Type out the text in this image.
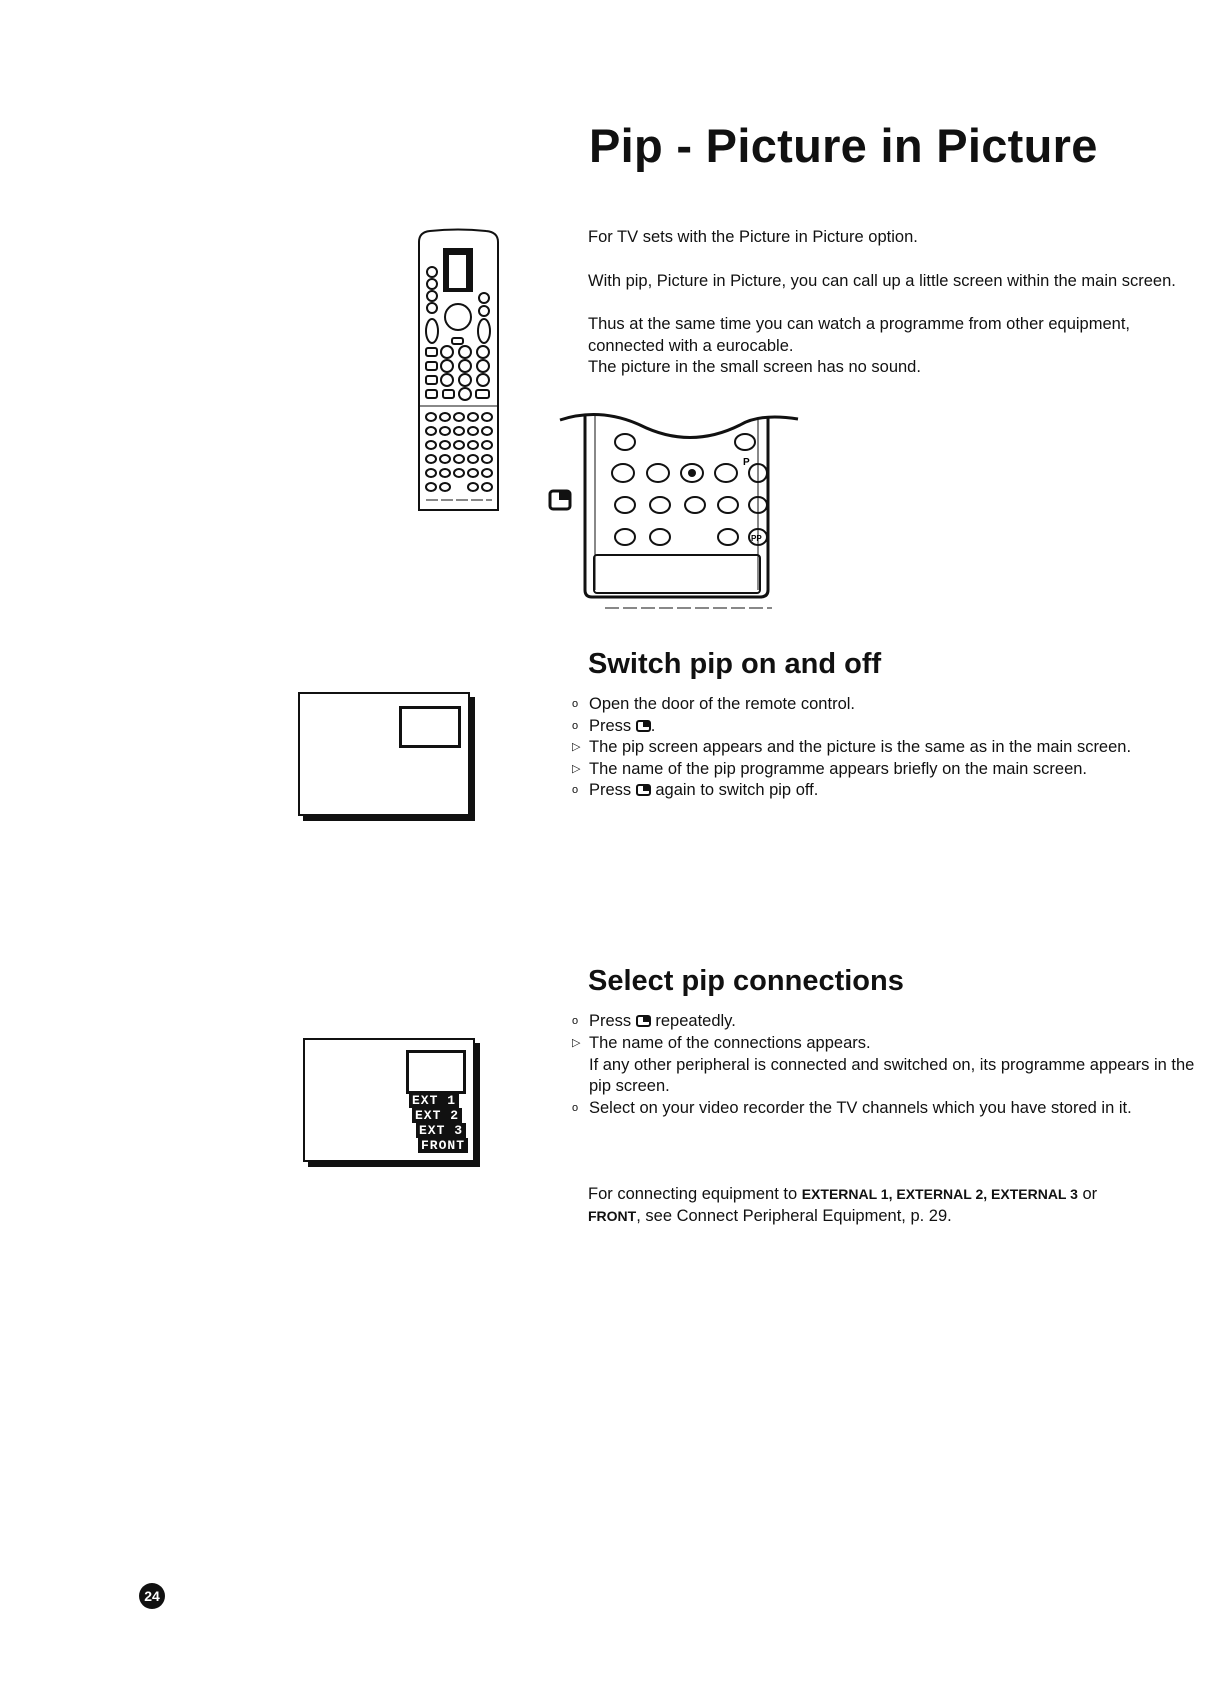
Pip - Picture in Picture
For TV sets with the Picture in Picture option.
With pip, Picture in Picture, you can call up a little screen within the main screen.
Thus at the same time you can watch a programme from other equipment, connected with a eurocable.
The picture in the small screen has no sound.
P
PP
Switch pip on and off
o Open the door of the remote control.
o Press .
▷ The pip screen appears and the picture is the same as in the main screen.
▷ The name of the pip programme appears briefly on the main screen.
o Press  again to switch pip off.
EXT 1
EXT 2
EXT 3
FRONT
Select pip connections
o Press  repeatedly.
▷ The name of the connections appears.
If any other peripheral is connected and switched on, its programme appears in the pip screen.
o Select on your video recorder the TV channels which you have stored in it.
For connecting equipment to EXTERNAL 1, EXTERNAL 2, EXTERNAL 3 or
FRONT, see Connect Peripheral Equipment, p. 29.
24
